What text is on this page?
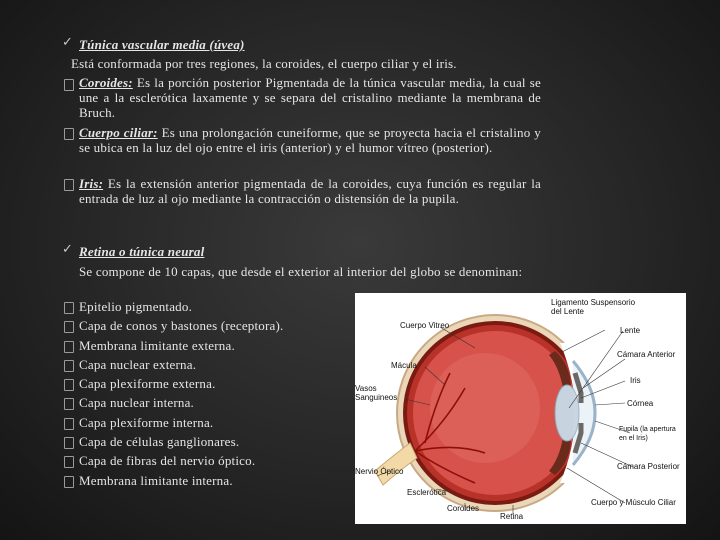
✓ Túnica vascular media (úvea)
Está conformada por tres regiones, la coroides, el cuerpo ciliar y el iris.
Coroides: Es la porción posterior Pigmentada de la túnica vascular media, la cual se une a la esclerótica laxamente y se separa del cristalino mediante la membrana de Bruch.
Cuerpo ciliar: Es una prolongación cuneiforme, que se proyecta hacia el cristalino y se ubica en la luz del ojo entre el iris (anterior) y el humor vítreo (posterior).
Iris: Es la extensión anterior pigmentada de la coroides, cuya función es regular la entrada de luz al ojo mediante la contracción o distensión de la pupila.
✓ Retina o túnica neural
Se compone de 10 capas, que desde el exterior al interior del globo se denominan:
Epitelio pigmentado.
Capa de conos y bastones (receptora).
Membrana limitante externa.
Capa nuclear externa.
Capa plexiforme externa.
Capa nuclear interna.
Capa plexiforme interna.
Capa de células ganglionares.
Capa de fibras del nervio óptico.
Membrana limitante interna.
Ligamento Suspensorio del Lente
Cuerpo Vitreo
Lente
Mácula
Cámara Anterior
Vasos Sanguineos
Iris
Córnea
Fupila (la apertura en el Iris)
Nervio Óptico
Cámara Posterior
Esclerótica
Coroides
Retina
Cuerpo y Músculo Ciliar
